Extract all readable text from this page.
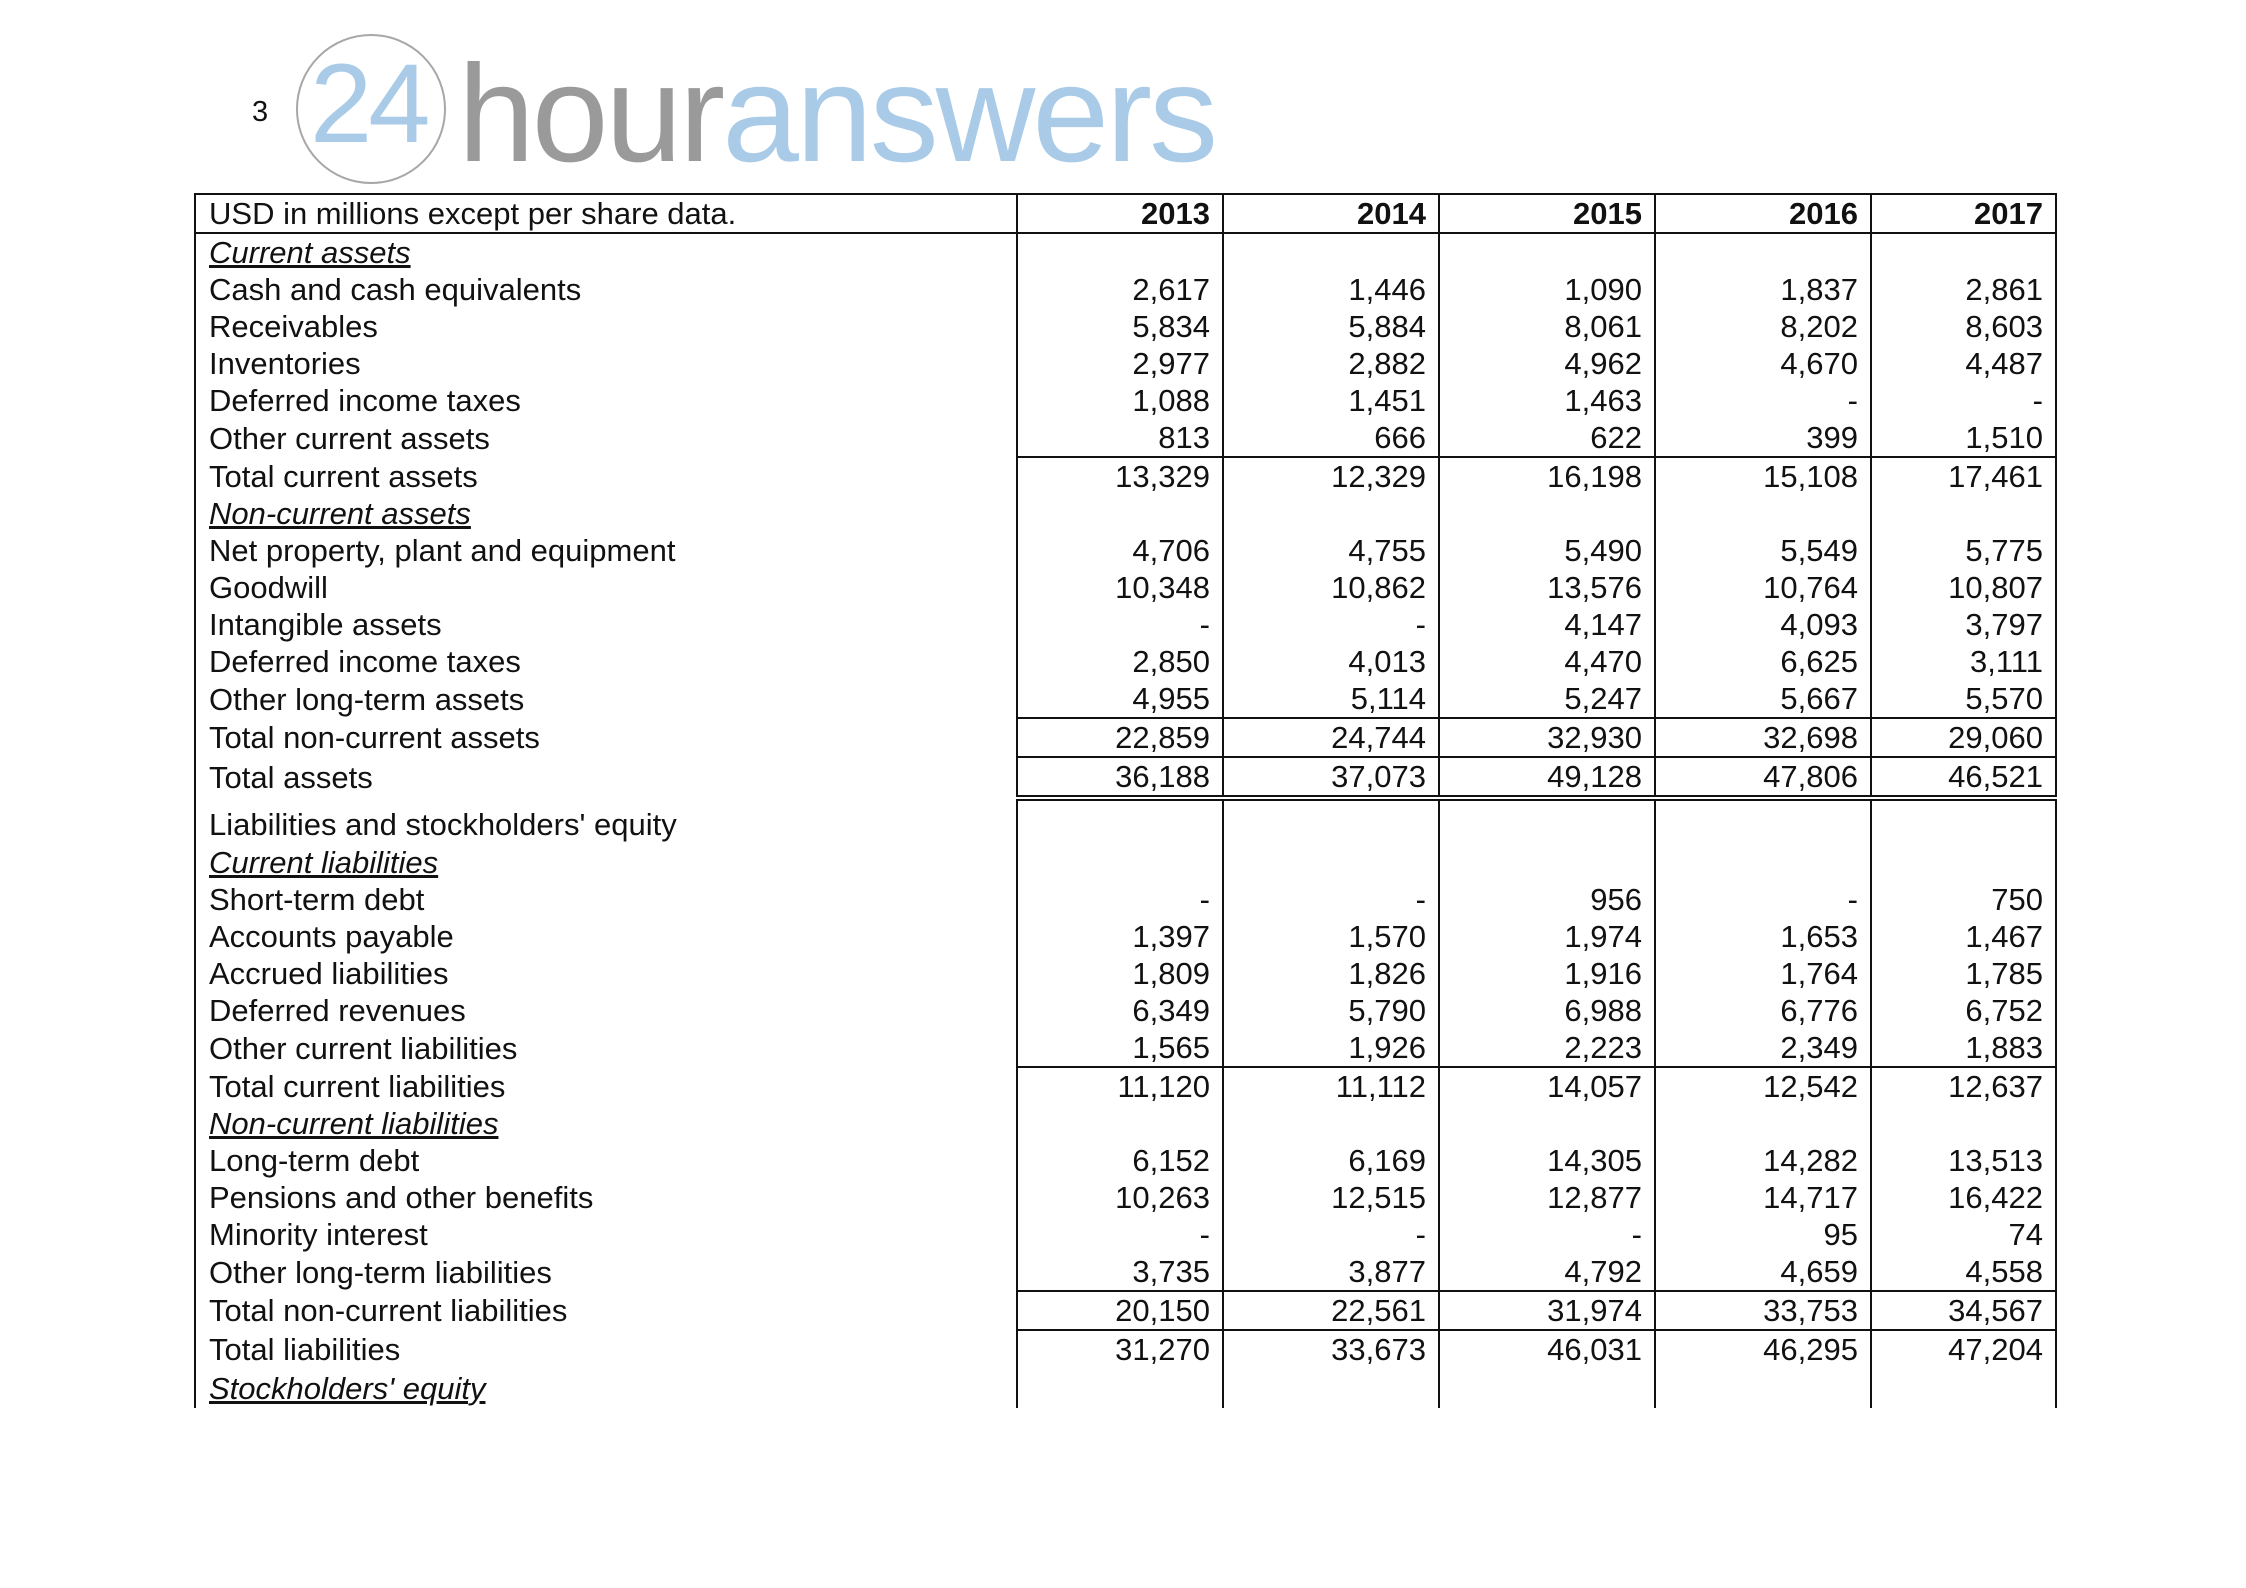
3 24 houranswers
USD in millions except per share data.	2013	2014	2015	2016	2017
Current assets					
Cash and cash equivalents	2,617	1,446	1,090	1,837	2,861
Receivables	5,834	5,884	8,061	8,202	8,603
Inventories	2,977	2,882	4,962	4,670	4,487
Deferred income taxes	1,088	1,451	1,463	-	-
Other current assets	813	666	622	399	1,510
Total current assets	13,329	12,329	16,198	15,108	17,461
Non-current assets					
Net property, plant and equipment	4,706	4,755	5,490	5,549	5,775
Goodwill	10,348	10,862	13,576	10,764	10,807
Intangible assets	-	-	4,147	4,093	3,797
Deferred income taxes	2,850	4,013	4,470	6,625	3,111
Other long-term assets	4,955	5,114	5,247	5,667	5,570
Total non-current assets	22,859	24,744	32,930	32,698	29,060
Total assets	36,188	37,073	49,128	47,806	46,521
Liabilities and stockholders' equity					
Current liabilities					
Short-term debt	-	-	956	-	750
Accounts payable	1,397	1,570	1,974	1,653	1,467
Accrued liabilities	1,809	1,826	1,916	1,764	1,785
Deferred revenues	6,349	5,790	6,988	6,776	6,752
Other current liabilities	1,565	1,926	2,223	2,349	1,883
Total current liabilities	11,120	11,112	14,057	12,542	12,637
Non-current liabilities					
Long-term debt	6,152	6,169	14,305	14,282	13,513
Pensions and other benefits	10,263	12,515	12,877	14,717	16,422
Minority interest	-	-	-	95	74
Other long-term liabilities	3,735	3,877	4,792	4,659	4,558
Total non-current liabilities	20,150	22,561	31,974	33,753	34,567
Total liabilities	31,270	33,673	46,031	46,295	47,204
Stockholders' equity					
